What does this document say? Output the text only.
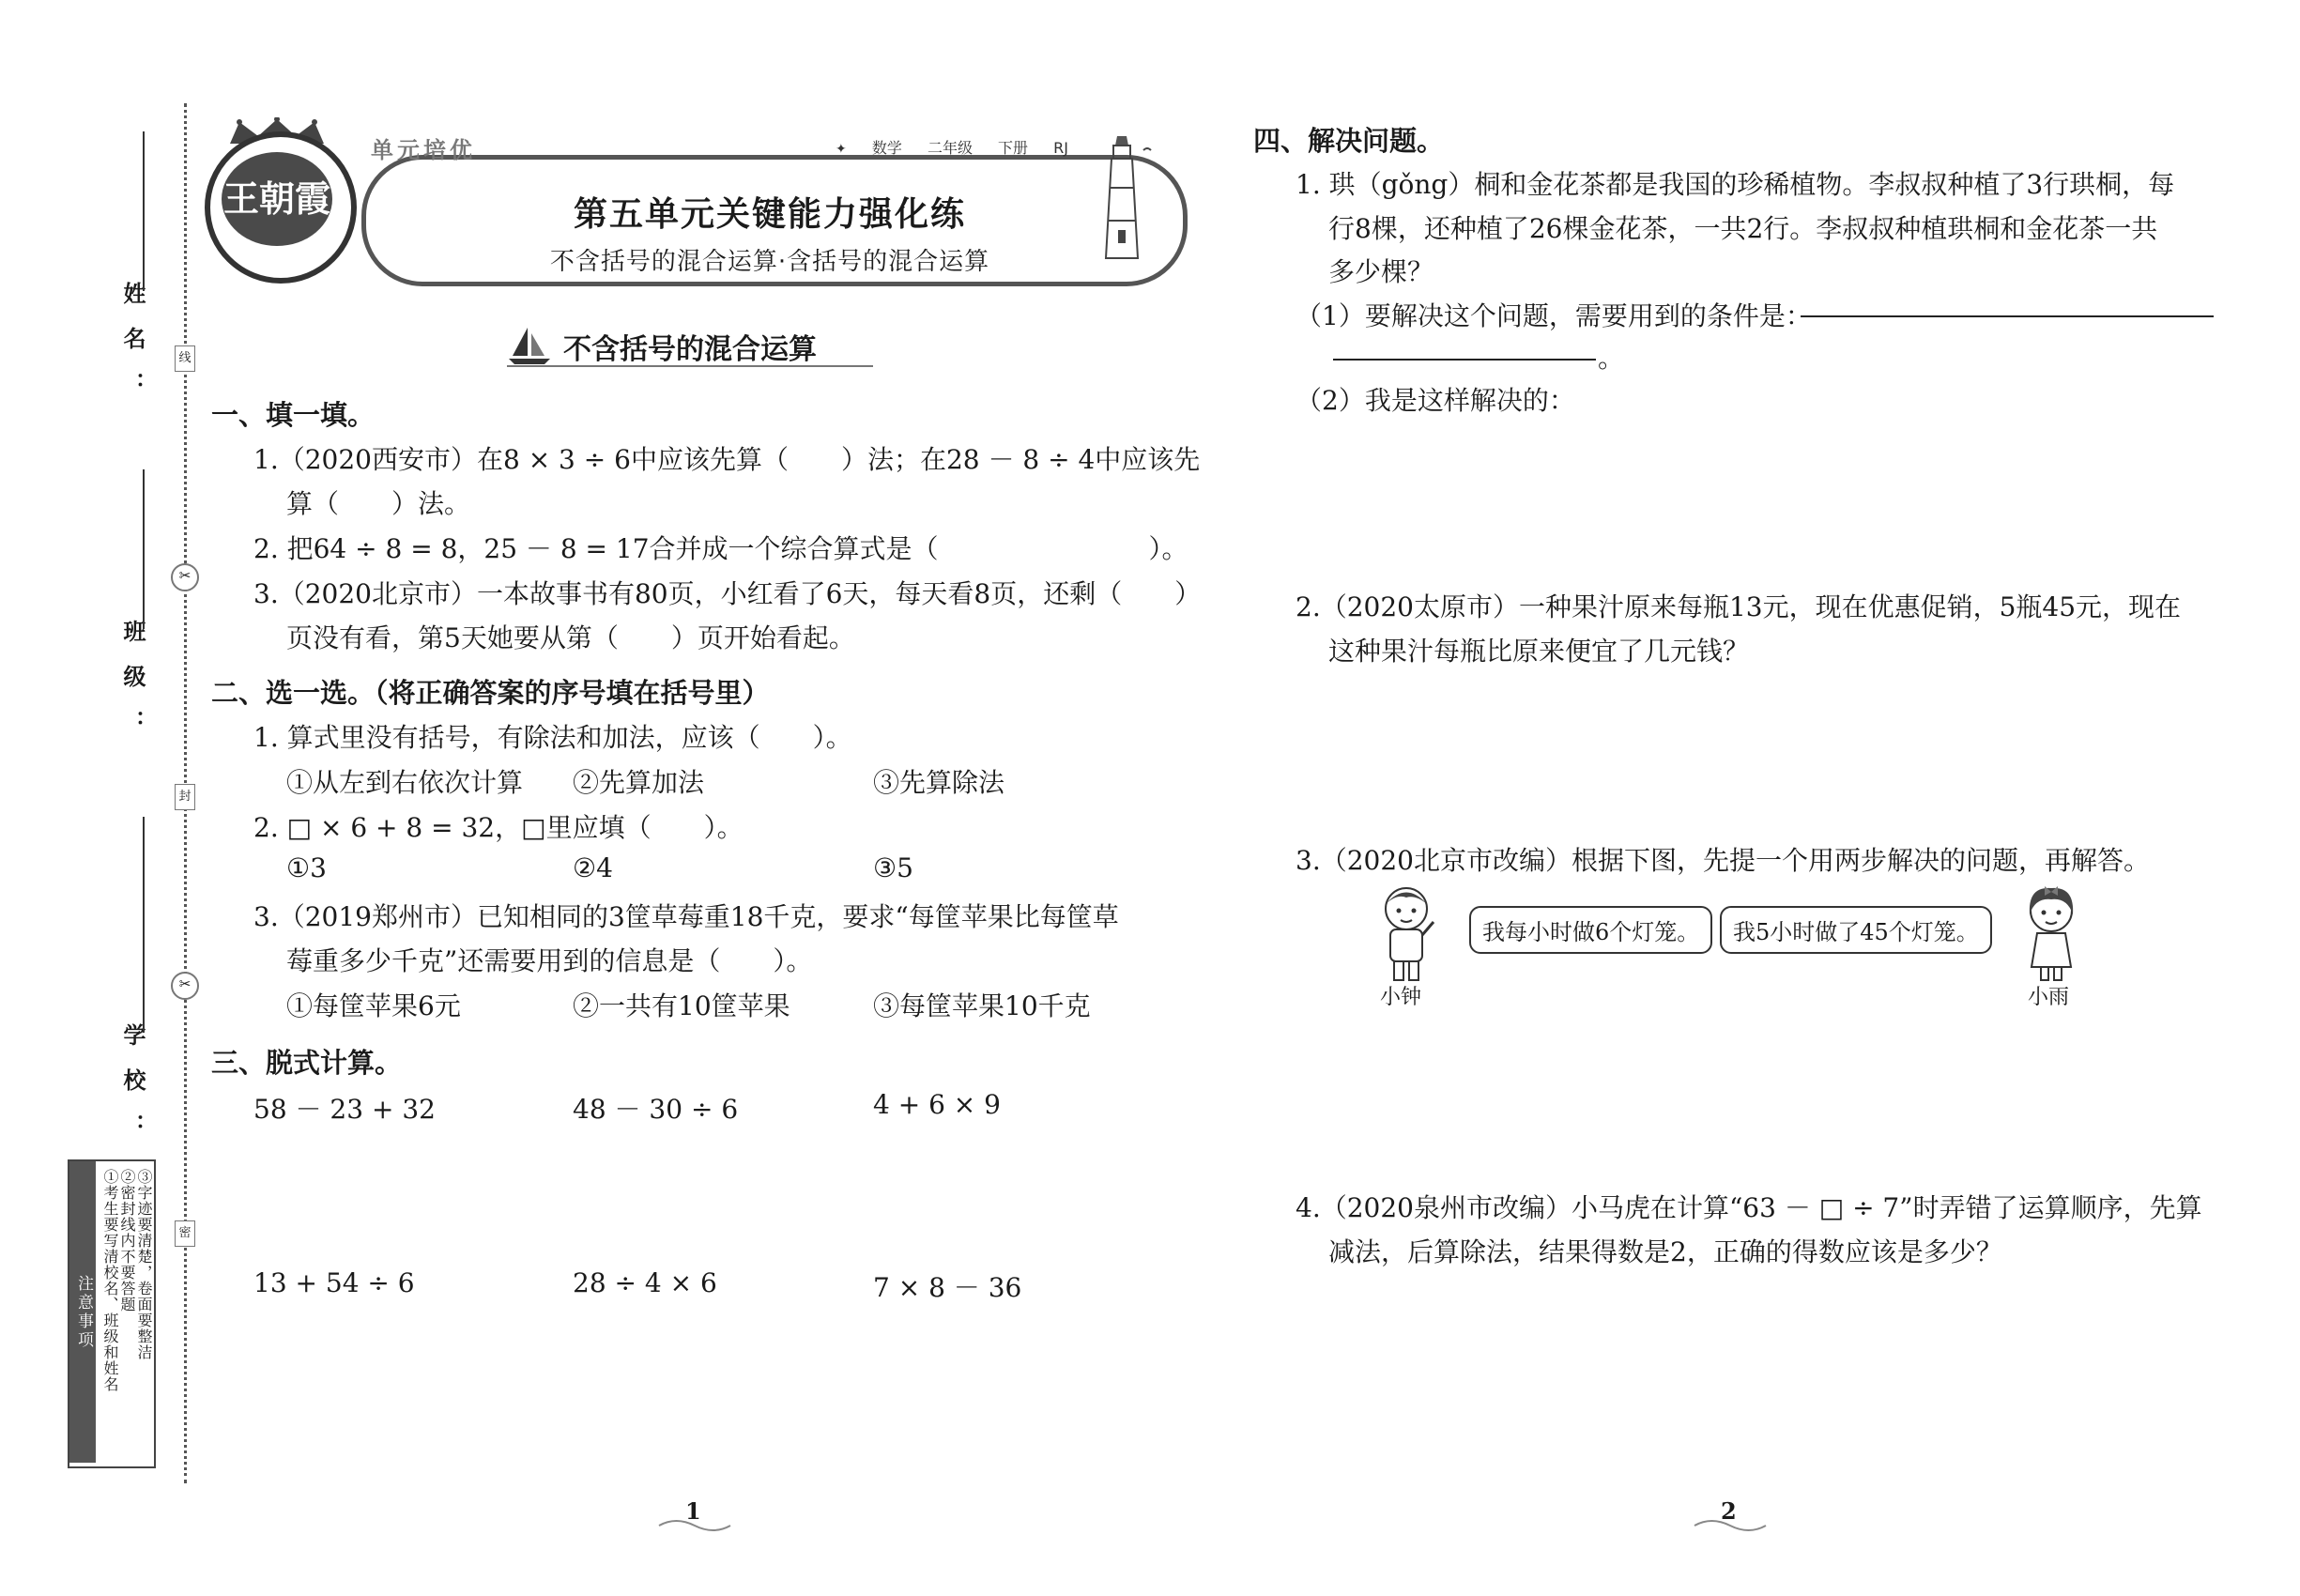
姓名：
班级：
学校：
线
✂
封
✂
密
注意事项 ①考生要写清校名、班级和姓名 ②密封线内不要答题 ③字迹要清楚，卷面要整洁
王朝霞
单元培优	✦ 数学 二年级 下册 RJ
第五单元关键能力强化练
不含括号的混合运算·含括号的混合运算
不含括号的混合运算
一、填一填。
1.（2020西安市）在8 × 3 ÷ 6中应该先算（　　）法；在28 － 8 ÷ 4中应该先
算（　　）法。
2. 把64 ÷ 8 = 8，25 － 8 = 17合并成一个综合算式是（　　　　　　　　）。
3.（2020北京市）一本故事书有80页，小红看了6天，每天看8页，还剩（　　）
页没有看，第5天她要从第（　　）页开始看起。
二、选一选。（将正确答案的序号填在括号里）
1. 算式里没有括号，有除法和加法，应该（　　）。
①从左到右依次计算 ②先算加法	③先算除法
2. □ × 6 + 8 = 32，□里应填（　　）。
①3	②4	③5
3.（2019郑州市）已知相同的3筐草莓重18千克，要求“每筐苹果比每筐草
莓重多少千克”还需要用到的信息是（　　）。
①每筐苹果6元	②一共有10筐苹果	③每筐苹果10千克
三、脱式计算。
58 － 23 + 32	48 － 30 ÷ 6	4 + 6 × 9
13 + 54 ÷ 6	28 ÷ 4 × 6	7 × 8 － 36
1
四、解决问题。
1. 珙（gǒng）桐和金花茶都是我国的珍稀植物。李叔叔种植了3行珙桐，每
行8棵，还种植了26棵金花茶，一共2行。李叔叔种植珙桐和金花茶一共
多少棵？
（1）要解决这个问题，需要用到的条件是：
。
（2）我是这样解决的：
2.（2020太原市）一种果汁原来每瓶13元，现在优惠促销，5瓶45元，现在
这种果汁每瓶比原来便宜了几元钱？
3.（2020北京市改编）根据下图，先提一个用两步解决的问题，再解答。
小钟
我每小时做6个灯笼。	我5小时做了45个灯笼。
小雨
4.（2020泉州市改编）小马虎在计算“63 － □ ÷ 7”时弄错了运算顺序，先算
减法，后算除法，结果得数是2，正确的得数应该是多少？
2
